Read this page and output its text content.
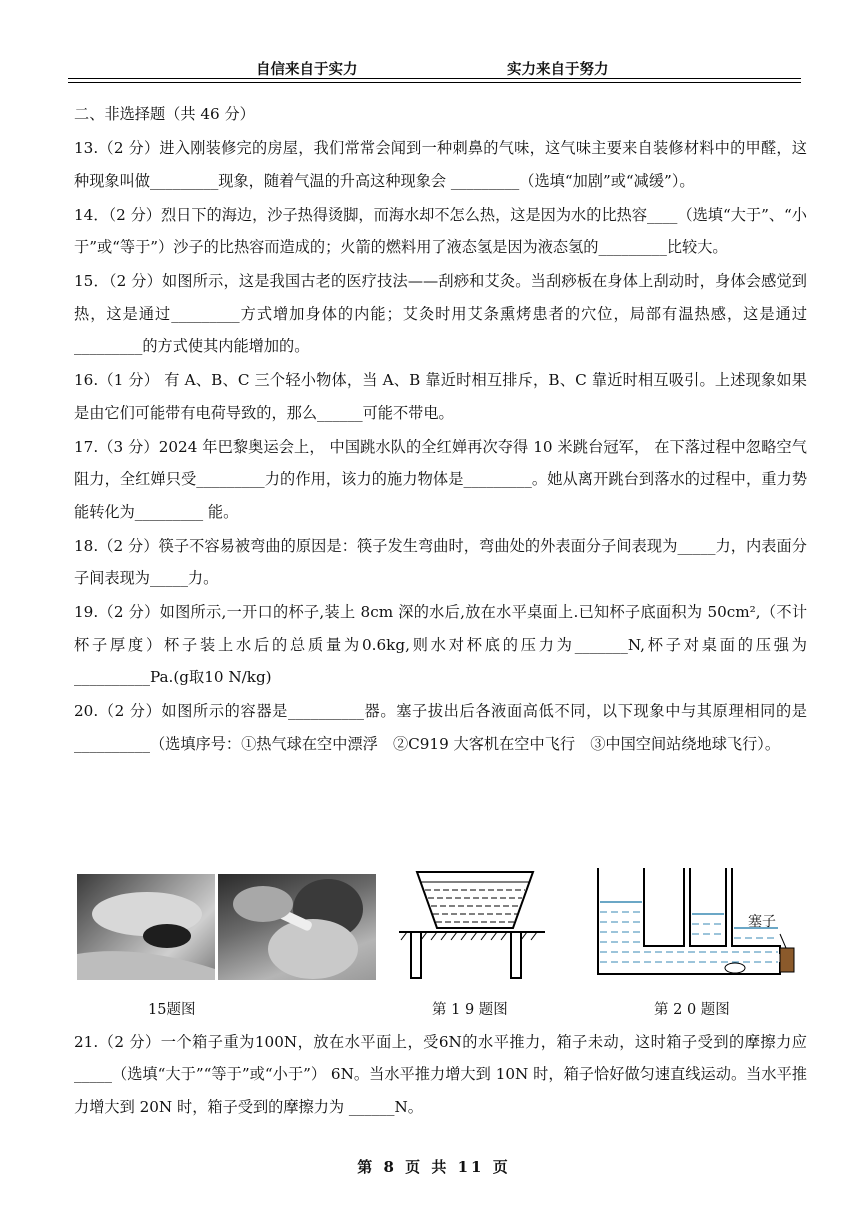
自信来自于实力	实力来自于努力

二、非选择题（共 46 分）

13.（2 分）进入刚装修完的房屋，我们常常会闻到一种刺鼻的气味，这气味主要来自装修材料中的甲醛，这种现象叫做_________现象，随着气温的升高这种现象会 _________（选填“加剧”或“减缓”）。

14．（2 分）烈日下的海边，沙子热得烫脚，而海水却不怎么热，这是因为水的比热容____（选填“大于”、“小于”或“等于”）沙子的比热容而造成的；火箭的燃料用了液态氢是因为液态氢的_________比较大。

15．（2 分）如图所示，这是我国古老的医疗技法——刮痧和艾灸。当刮痧板在身体上刮动时，身体会感觉到热，这是通过_________方式增加身体的内能；艾灸时用艾条熏烤患者的穴位，局部有温热感，这是通过_________的方式使其内能增加的。

16.（1 分） 有 A、B、C 三个轻小物体，当 A、B 靠近时相互排斥，B、C 靠近时相互吸引。上述现象如果是由它们可能带有电荷导致的，那么______可能不带电。

17.（3 分）2024 年巴黎奥运会上， 中国跳水队的全红婵再次夺得 10 米跳台冠军， 在下落过程中忽略空气阻力，全红婵只受_________力的作用，该力的施力物体是_________。她从离开跳台到落水的过程中，重力势能转化为_________ 能。

18.（2 分）筷子不容易被弯曲的原因是：筷子发生弯曲时，弯曲处的外表面分子间表现为_____力，内表面分子间表现为_____力。

19.（2 分）如图所示,一开口的杯子,装上 8cm 深的水后,放在水平桌面上.已知杯子底面积为 50cm²,（不计杯子厚度）杯子装上水后的总质量为0.6kg,则水对杯底的压力为_______N,杯子对桌面的压强为__________Pa.(g取10 N/kg)

20.（2 分）如图所示的容器是__________器。塞子拔出后各液面高低不同，以下现象中与其原理相同的是__________（选填序号：①热气球在空中漂浮　②C919 大客机在空中飞行　③中国空间站绕地球飞行）。

塞子
15题图	第 1 9 题图	第 2 0 题图

21.（2 分）一个箱子重为100N，放在水平面上，受6N的水平推力，箱子未动，这时箱子受到的摩擦力应_____（选填“大于”“等于”或“小于”） 6N。当水平推力增大到 10N 时，箱子恰好做匀速直线运动。当水平推力增大到 20N 时，箱子受到的摩擦力为 ______N。

第 8 页 共 11 页
